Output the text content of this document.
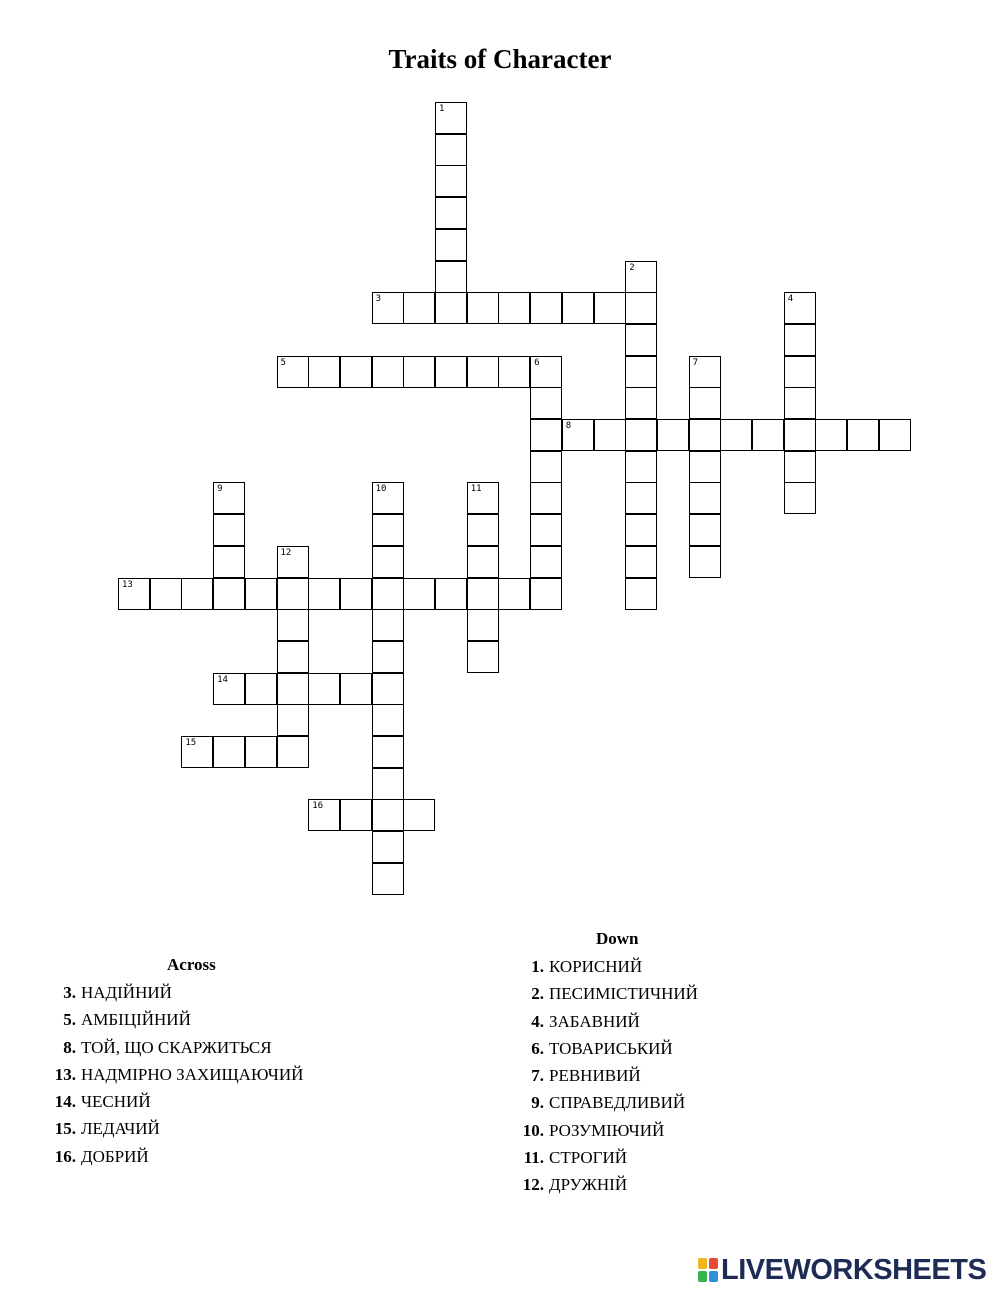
Traits of Character
3
5	6
8
13
14
15
16
1
2
4
7
9	10	11
12
Across
3. НАДІЙНИЙ
5. АМБІЦІЙНИЙ
8. ТОЙ, ЩО СКАРЖИТЬСЯ
13. НАДМІРНО ЗАХИЩАЮЧИЙ
14. ЧЕСНИЙ
15. ЛЕДАЧИЙ
16. ДОБРИЙ
Down
1. КОРИСНИЙ
2. ПЕСИМІСТИЧНИЙ
4. ЗАБАВНИЙ
6. ТОВАРИСЬКИЙ
7. РЕВНИВИЙ
9. СПРАВЕДЛИВИЙ
10. РОЗУМІЮЧИЙ
11. СТРОГИЙ
12. ДРУЖНІЙ
LIVEWORKSHEETS
